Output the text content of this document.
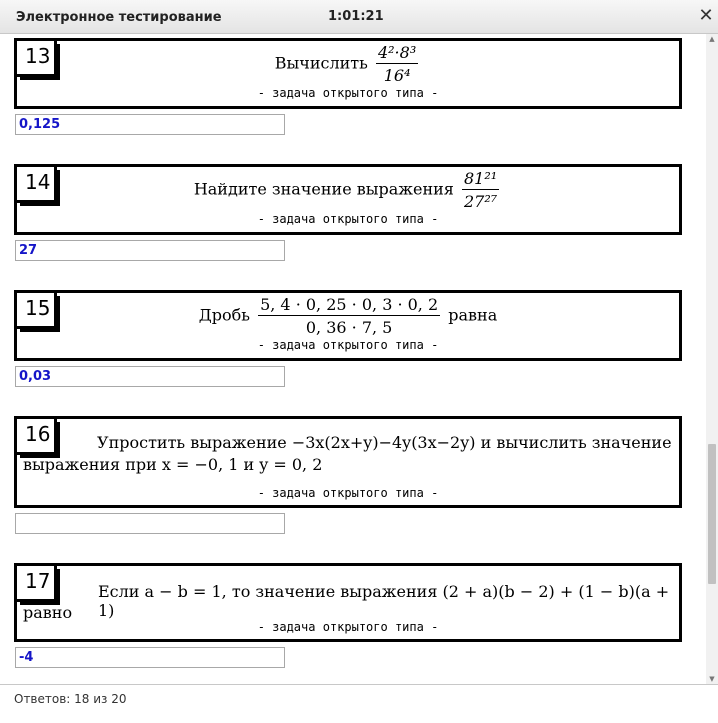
Электронное тестирование	1:01:21	✕
13	Вычислить $\frac{\text{4²·8³}}{\text{16⁴}}$
- задача открытого типа -
0,125
14	Найдите значение выражения $\frac{\text{81²¹}}{\text{27²⁷}}$
- задача открытого типа -
27
15	Дробь $\frac{5, 4 \cdot 0, 25 \cdot 0, 3 \cdot 0, 2}{0, 36 \cdot 7, 5}$ равна
- задача открытого типа -
0,03
16	Упростить выражение −3x(2x+y)−4y(3x−2y) и вычислить значение
выражения при x = −0, 1 и y = 0, 2
- задача открытого типа -
17	Если a − b = 1, то значение выражения (2 + a)(b − 2) + (1 − b)(a + 1)
равно
- задача открытого типа -
-4
▲
▼
Ответов: 18 из 20
